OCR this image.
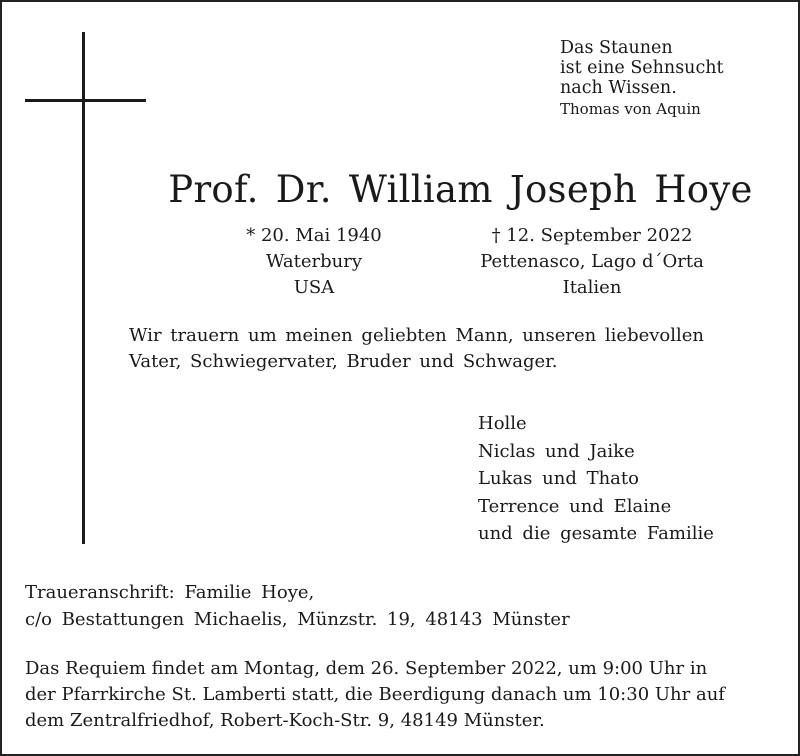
Das Staunen
ist eine Sehnsucht
nach Wissen.
Thomas von Aquin
Prof. Dr. William Joseph Hoye
* 20. Mai 1940
Waterbury
USA
† 12. September 2022
Pettenasco, Lago d´Orta
Italien
Wir trauern um meinen geliebten Mann, unseren liebevollen
Vater, Schwiegervater, Bruder und Schwager.
Holle
Niclas und Jaike
Lukas und Thato
Terrence und Elaine
und die gesamte Familie
Traueranschrift: Familie Hoye,
c/o Bestattungen Michaelis, Münzstr. 19, 48143 Münster
Das Requiem findet am Montag, dem 26. September 2022, um 9:00 Uhr in
der Pfarrkirche St. Lamberti statt, die Beerdigung danach um 10:30 Uhr auf
dem Zentralfriedhof, Robert-Koch-Str. 9, 48149 Münster.
